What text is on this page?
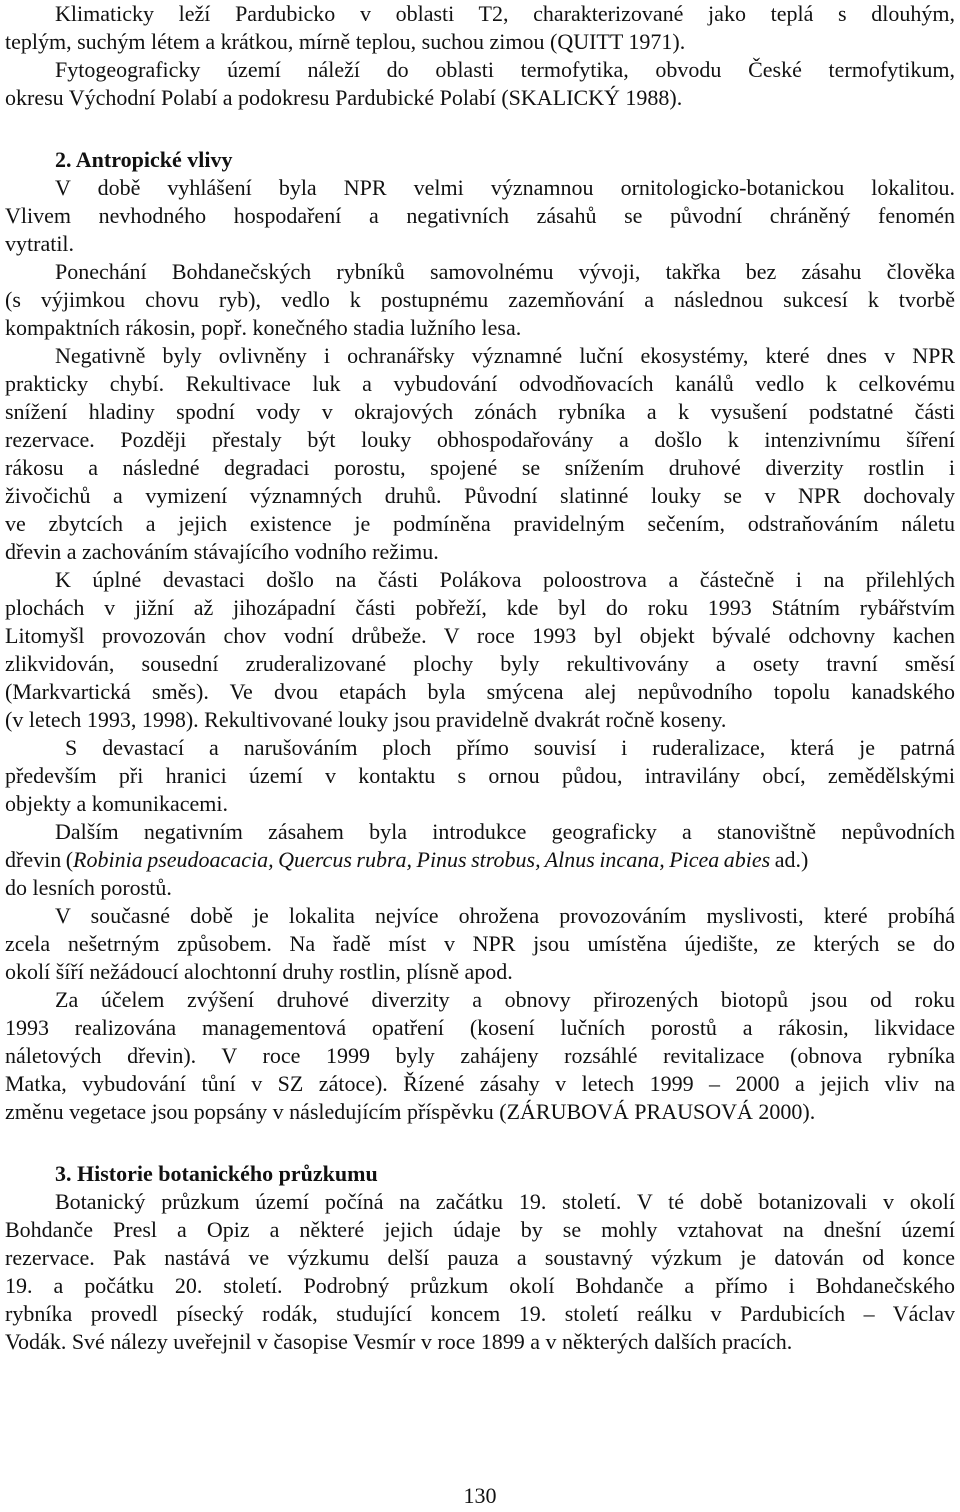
Klimaticky leží Pardubicko v oblasti T2, charakterizované jako teplá s dlouhým,
teplým, suchým létem a krátkou, mírně teplou, suchou zimou (QUITT 1971).
Fytogeograficky území náleží do oblasti termofytika, obvodu České termofytikum,
okresu Východní Polabí a podokresu Pardubické Polabí (SKALICKÝ 1988).
2. Antropické vlivy
V době vyhlášení byla NPR velmi významnou ornitologicko-botanickou lokalitou.
Vlivem nevhodného hospodaření a negativních zásahů se původní chráněný fenomén
vytratil.
Ponechání Bohdanečských rybníků samovolnému vývoji, takřka bez zásahu člověka
(s výjimkou chovu ryb), vedlo k postupnému zazemňování a následnou sukcesí k tvorbě
kompaktních rákosin, popř. konečného stadia lužního lesa.
Negativně byly ovlivněny i ochranářsky významné luční ekosystémy, které dnes v NPR
prakticky chybí. Rekultivace luk a vybudování odvodňovacích kanálů vedlo k celkovému
snížení hladiny spodní vody v okrajových zónách rybníka a k vysušení podstatné části
rezervace. Později přestaly být louky obhospodařovány a došlo k intenzivnímu šíření
rákosu a následné degradaci porostu, spojené se snížením druhové diverzity rostlin i
živočichů a vymizení významných druhů. Původní slatinné louky se v NPR dochovaly
ve zbytcích a jejich existence je podmíněna pravidelným sečením, odstraňováním náletu
dřevin a zachováním stávajícího vodního režimu.
K úplné devastaci došlo na části Polákova poloostrova a částečně i na přilehlých
plochách v jižní až jihozápadní části pobřeží, kde byl do roku 1993 Státním rybářstvím
Litomyšl provozován chov vodní drůbeže. V roce 1993 byl objekt bývalé odchovny kachen
zlikvidován, sousední zruderalizované plochy byly rekultivovány a osety travní směsí
(Markvartická směs). Ve dvou etapách byla smýcena alej nepůvodního topolu kanadského
(v letech 1993, 1998). Rekultivované louky jsou pravidelně dvakrát ročně koseny.
S devastací a narušováním ploch přímo souvisí i ruderalizace, která je patrná
především při hranici území v kontaktu s ornou půdou, intravilány obcí, zemědělskými
objekty a komunikacemi.
Dalším negativním zásahem byla introdukce geograficky a stanovištně nepůvodních
dřevin (Robinia pseudoacacia, Quercus rubra, Pinus strobus, Alnus incana, Picea abies ad.)
do lesních porostů.
V současné době je lokalita nejvíce ohrožena provozováním myslivosti, které probíhá
zcela nešetrným způsobem. Na řadě míst v NPR jsou umístěna újedište, ze kterých se do
okolí šíří nežádoucí alochtonní druhy rostlin, plísně apod.
Za účelem zvýšení druhové diverzity a obnovy přirozených biotopů jsou od roku
1993 realizována managementová opatření (kosení lučních porostů a rákosin, likvidace
náletových dřevin). V roce 1999 byly zahájeny rozsáhlé revitalizace (obnova rybníka
Matka, vybudování tůní v SZ zátoce). Řízené zásahy v letech 1999 – 2000 a jejich vliv na
změnu vegetace jsou popsány v následujícím příspěvku (ZÁRUBOVÁ PRAUSOVÁ 2000).
3. Historie botanického průzkumu
Botanický průzkum území počíná na začátku 19. století. V té době botanizovali v okolí
Bohdanče Presl a Opiz a některé jejich údaje by se mohly vztahovat na dnešní území
rezervace. Pak nastává ve výzkumu delší pauza a soustavný výzkum je datován od konce
19. a počátku 20. století. Podrobný průzkum okolí Bohdanče a přímo i Bohdanečského
rybníka provedl písecký rodák, studující koncem 19. století reálku v Pardubicích – Václav
Vodák. Své nálezy uveřejnil v časopise Vesmír v roce 1899 a v některých dalších pracích.
130
